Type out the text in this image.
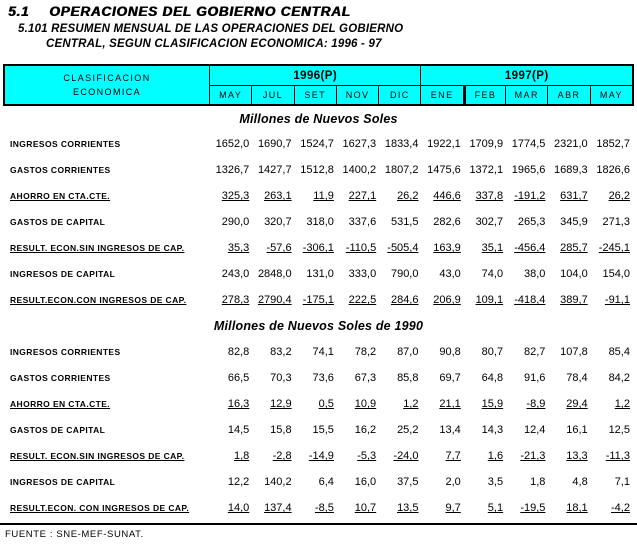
5.1 OPERACIONES DEL GOBIERNO CENTRAL
5.101 RESUMEN MENSUAL DE LAS OPERACIONES DEL GOBIERNO
CENTRAL, SEGUN CLASIFICACION ECONOMICA: 1996 - 97
CLASIFICACION
ECONOMICA
1996(P)	1997(P)
MAY	JUL	SET	NOV	DIC	ENE	FEB	MAR	ABR	MAY
Millones de Nuevos Soles
INGRESOS CORRIENTES	1652,0 1690,7 1524,7 1627,3 1833,4 1922,1 1709,9 1774,5 2321,0 1852,7
GASTOS CORRIENTES	1326,7 1427,7 1512,8 1400,2 1807,2 1475,6 1372,1 1965,6 1689,3 1826,6
AHORRO EN CTA.CTE.	325,3	263,1	11,9	227,1	26,2	446,6	337,8	-191,2	631,7	26,2
GASTOS DE CAPITAL	290,0	320,7	318,0	337,6	531,5	282,6	302,7	265,3	345,9	271,3
RESULT. ECON.SIN INGRESOS DE CAP.	35,3	-57,6	-306,1	-110,5	-505,4	163,9	35,1	-456,4	285,7	-245,1
INGRESOS DE CAPITAL	243,0 2848,0	131,0	333,0	790,0	43,0	74,0	38,0	104,0	154,0
RESULT.ECON.CON INGRESOS DE CAP.	278,3 2790,4	-175,1	222,5	284,6	206,9	109,1	-418,4	389,7	-91,1
Millones de Nuevos Soles de 1990
INGRESOS CORRIENTES	82,8	83,2	74,1	78,2	87,0	90,8	80,7	82,7	107,8	85,4
GASTOS CORRIENTES	66,5	70,3	73,6	67,3	85,8	69,7	64,8	91,6	78,4	84,2
AHORRO EN CTA.CTE.	16,3	12,9	0,5	10,9	1,2	21,1	15,9	-8,9	29,4	1,2
GASTOS DE CAPITAL	14,5	15,8	15,5	16,2	25,2	13,4	14,3	12,4	16,1	12,5
RESULT. ECON.SIN INGRESOS DE CAP.	1,8	-2,8	-14,9	-5,3	-24,0	7,7	1,6	-21,3	13,3	-11,3
INGRESOS DE CAPITAL	12,2	140,2	6,4	16,0	37,5	2,0	3,5	1,8	4,8	7,1
RESULT.ECON. CON INGRESOS DE CAP.	14,0	137,4	-8,5	10,7	13,5	9,7	5,1	-19,5	18,1	-4,2
FUENTE : SNE-MEF-SUNAT.
